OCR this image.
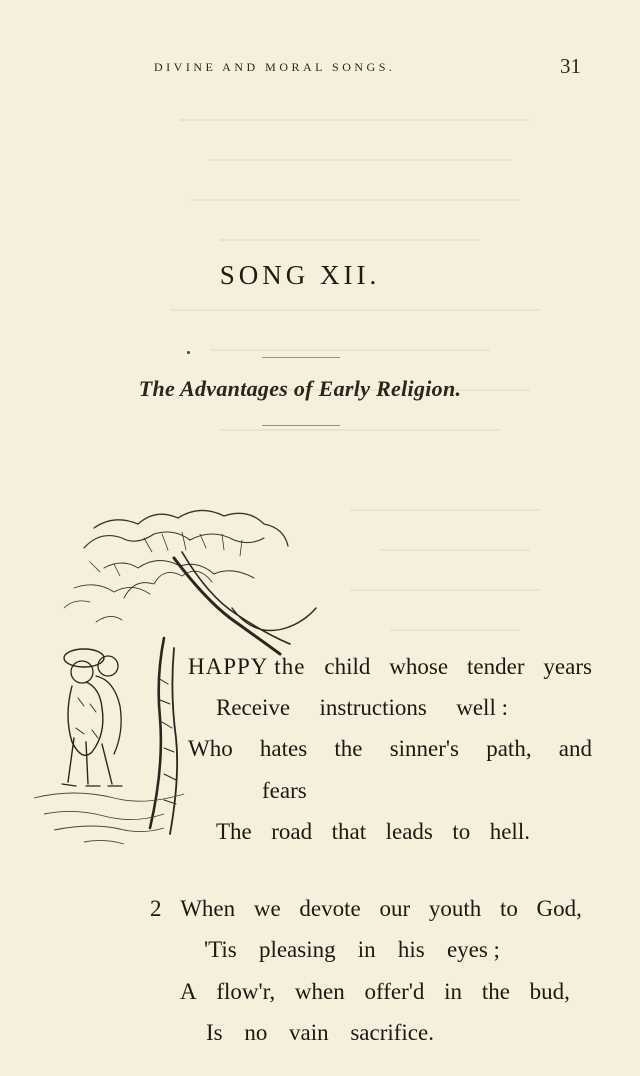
DIVINE AND MORAL SONGS.	31
SONG XII.
The Advantages of Early Religion.
HAPPY the child whose tender years
Receive instructions well :
Who hates the sinner's path, and
fears
The road that leads to hell.
2 When we devote our youth to God,
'Tis pleasing in his eyes ;
A flow'r, when offer'd in the bud,
Is no vain sacrifice.
